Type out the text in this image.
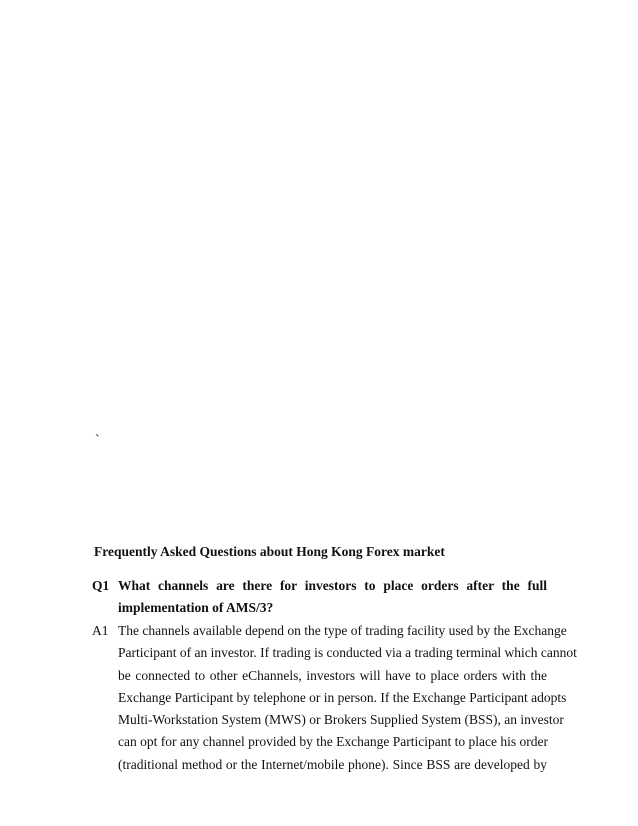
`
Frequently Asked Questions about Hong Kong Forex market
Q1 What channels are there for investors to place orders after the full
implementation of AMS/3?
A1 The channels available depend on the type of trading facility used by the Exchange
Participant of an investor. If trading is conducted via a trading terminal which cannot
be connected to other eChannels, investors will have to place orders with the
Exchange Participant by telephone or in person. If the Exchange Participant adopts
Multi-Workstation System (MWS) or Brokers Supplied System (BSS), an investor
can opt for any channel provided by the Exchange Participant to place his order
(traditional method or the Internet/mobile phone). Since BSS are developed by
